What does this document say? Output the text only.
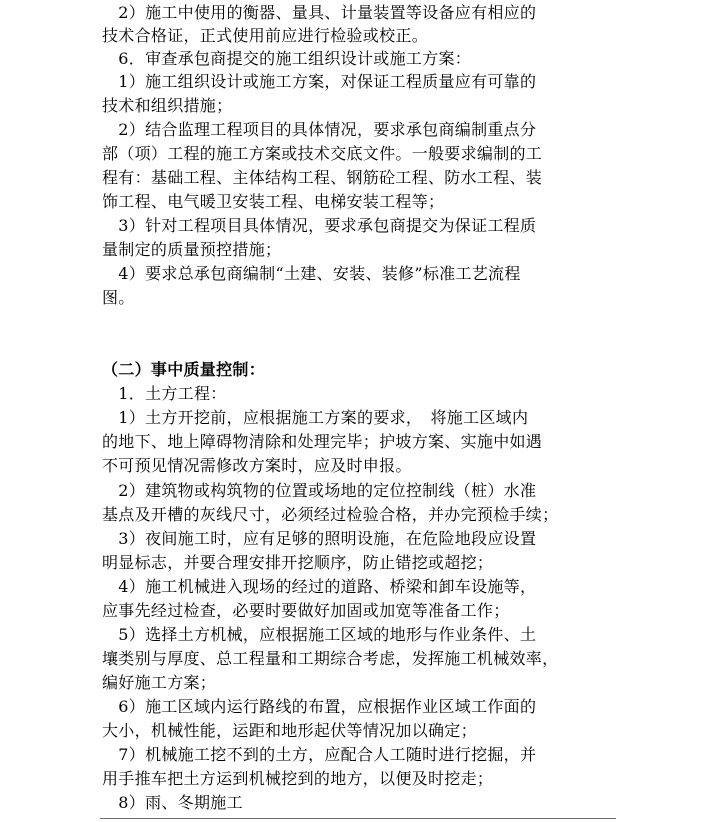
　2）施工中使用的衡器、量具、计量装置等设备应有相应的
技术合格证，正式使用前应进行检验或校正。
　6．审查承包商提交的施工组织设计或施工方案：
　1）施工组织设计或施工方案，对保证工程质量应有可靠的
技术和组织措施；
　2）结合监理工程项目的具体情况，要求承包商编制重点分
部（项）工程的施工方案或技术交底文件。一般要求编制的工
程有：基础工程、主体结构工程、钢筋砼工程、防水工程、装
饰工程、电气暖卫安装工程、电梯安装工程等；
　3）针对工程项目具体情况，要求承包商提交为保证工程质
量制定的质量预控措施；
　4）要求总承包商编制“土建、安装、装修”标准工艺流程
图。
（二）事中质量控制：
　1．土方工程：
　1）土方开挖前，应根据施工方案的要求，　将施工区域内
的地下、地上障碍物清除和处理完毕；护坡方案、实施中如遇
不可预见情况需修改方案时，应及时申报。
　2）建筑物或构筑物的位置或场地的定位控制线（桩）水准
基点及开槽的灰线尺寸，必须经过检验合格，并办完预检手续；
　3）夜间施工时，应有足够的照明设施，在危险地段应设置
明显标志，并要合理安排开挖顺序，防止错挖或超挖；
　4）施工机械进入现场的经过的道路、桥梁和卸车设施等，
应事先经过检查，必要时要做好加固或加宽等准备工作；
　5）选择土方机械，应根据施工区域的地形与作业条件、土
壤类别与厚度、总工程量和工期综合考虑，发挥施工机械效率，
编好施工方案；
　6）施工区域内运行路线的布置，应根据作业区域工作面的
大小，机械性能，运距和地形起伏等情况加以确定；
　7）机械施工挖不到的土方，应配合人工随时进行挖掘，并
用手推车把土方运到机械挖到的地方，以便及时挖走；
　8）雨、冬期施工
